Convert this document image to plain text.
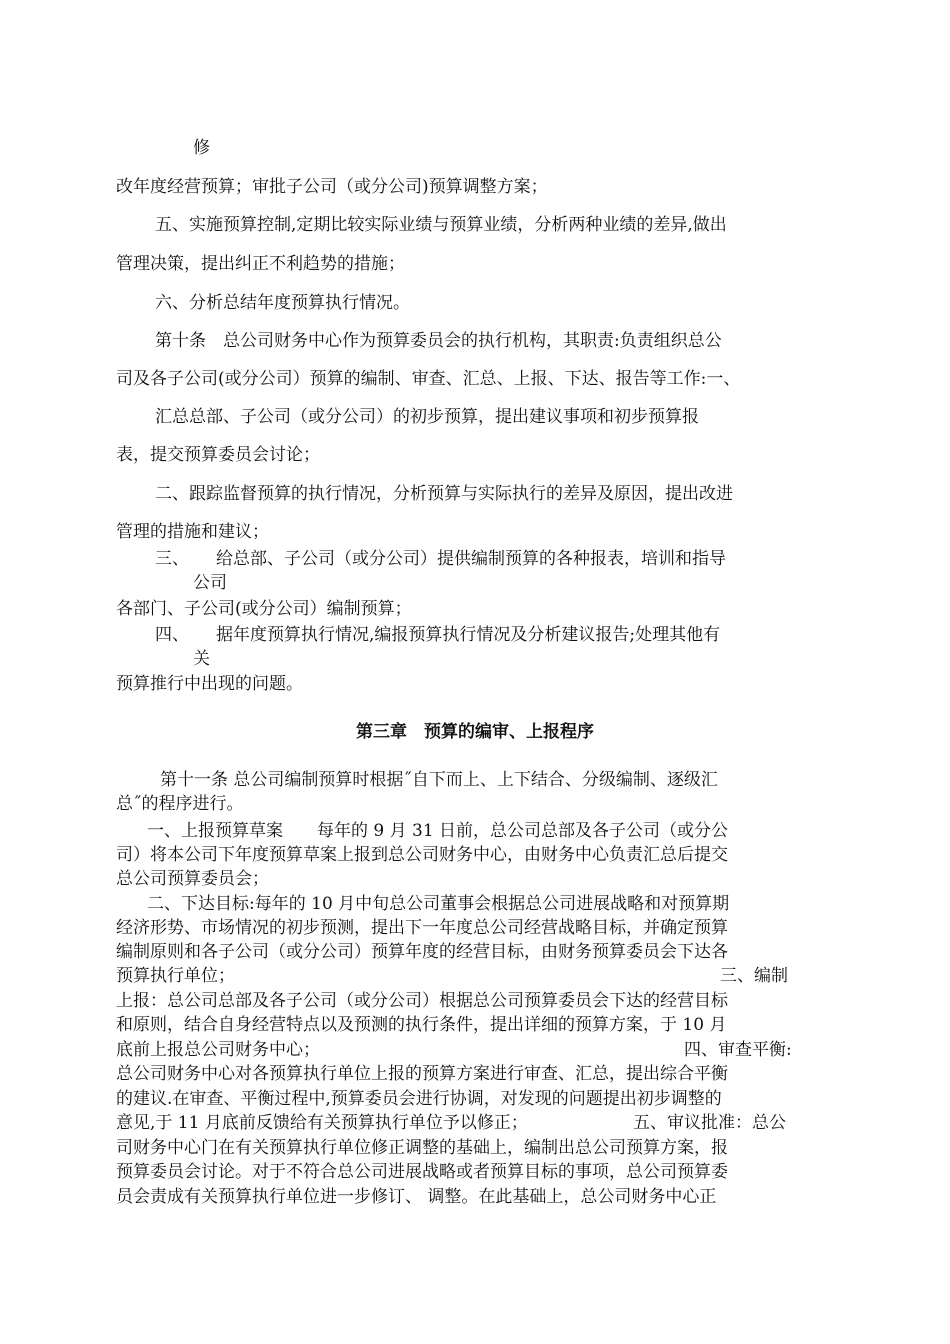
修
改年度经营预算；审批子公司（或分公司)预算调整方案；
五、实施预算控制,定期比较实际业绩与预算业绩，分析两种业绩的差异,做出
管理决策，提出纠正不利趋势的措施；
六、分析总结年度预算执行情况。
第十条　总公司财务中心作为预算委员会的执行机构，其职责:负责组织总公
司及各子公司(或分公司）预算的编制、审查、汇总、上报、下达、报告等工作:一、
汇总总部、子公司（或分公司）的初步预算，提出建议事项和初步预算报
表，提交预算委员会讨论；
二、跟踪监督预算的执行情况，分析预算与实际执行的差异及原因，提出改进
管理的措施和建议；
三、 给总部、子公司（或分公司）提供编制预算的各种报表，培训和指导
公司
各部门、子公司(或分公司）编制预算；
四、 据年度预算执行情况,编报预算执行情况及分析建议报告;处理其他有
关
预算推行中出现的问题。
第三章　预算的编审、上报程序
第十一条 总公司编制预算时根据˝自下而上、上下结合、分级编制、逐级汇
总˝的程序进行。
一、上报预算草案　　每年的 9 月 31 日前，总公司总部及各子公司（或分公
司）将本公司下年度预算草案上报到总公司财务中心，由财务中心负责汇总后提交
总公司预算委员会；
二、下达目标:每年的 10 月中旬总公司董事会根据总公司进展战略和对预算期
经济形势、市场情况的初步预测，提出下一年度总公司经营战略目标，并确定预算
编制原则和各子公司（或分公司）预算年度的经营目标，由财务预算委员会下达各
预算执行单位；	三、编制
上报：总公司总部及各子公司（或分公司）根据总公司预算委员会下达的经营目标
和原则，结合自身经营特点以及预测的执行条件，提出详细的预算方案，于 10 月
底前上报总公司财务中心；	四、审查平衡:
总公司财务中心对各预算执行单位上报的预算方案进行审查、汇总，提出综合平衡
的建议.在审查、平衡过程中,预算委员会进行协调，对发现的问题提出初步调整的
意见,于 11 月底前反馈给有关预算执行单位予以修正；	五、审议批准：总公
司财务中心门在有关预算执行单位修正调整的基础上，编制出总公司预算方案，报
预算委员会讨论。对于不符合总公司进展战略或者预算目标的事项，总公司预算委
员会责成有关预算执行单位进一步修订、 调整。在此基础上，总公司财务中心正
